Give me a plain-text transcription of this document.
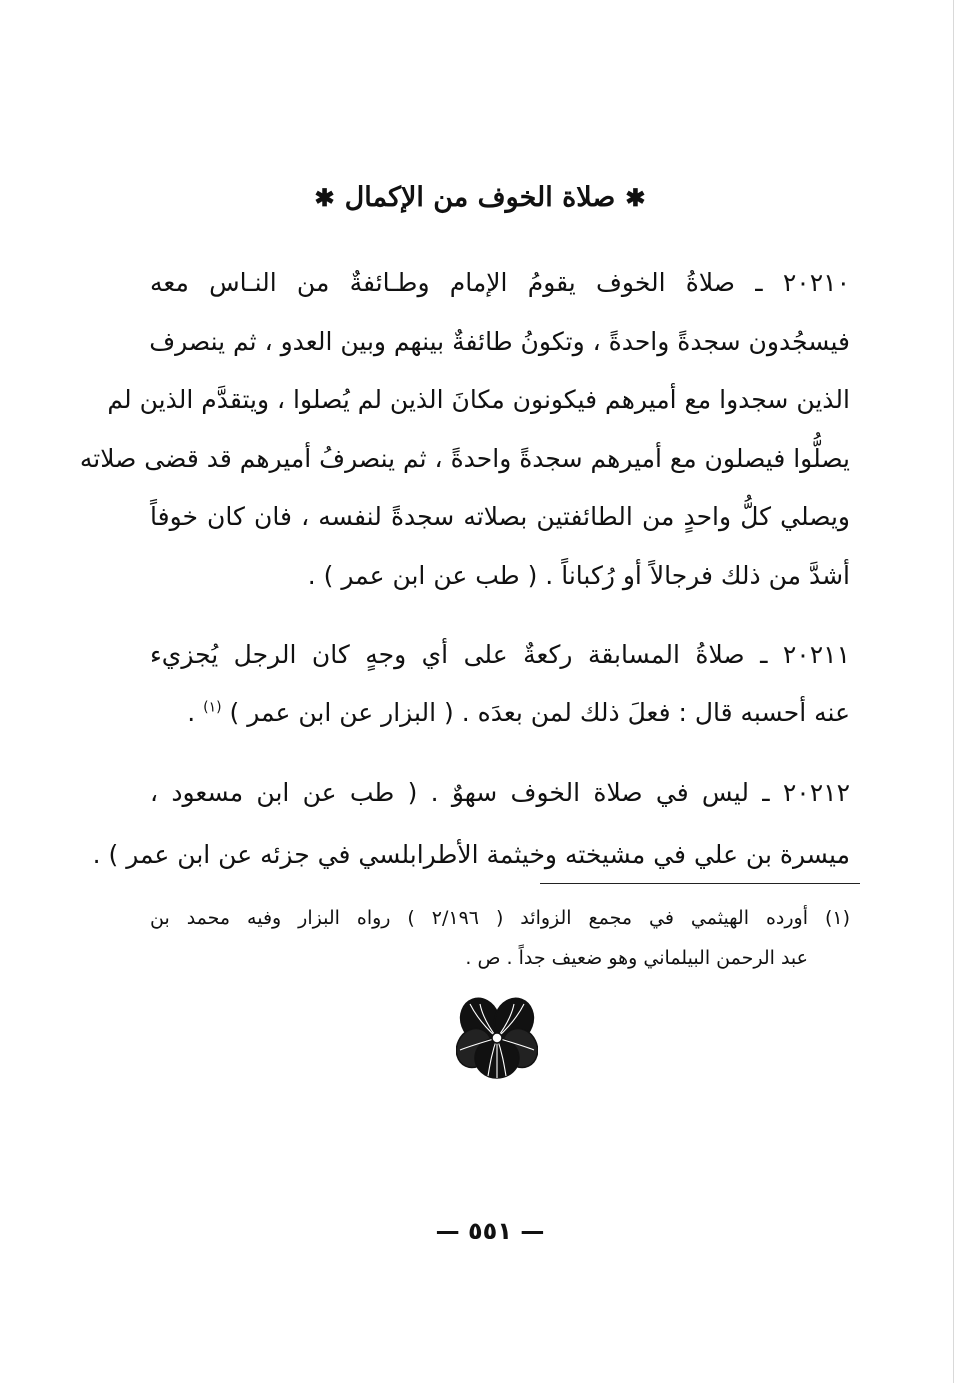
✱صلاة الخوف من الإكمال✱
٢٠٢١٠ ـ صلاةُ الخوف يقومُ الإمام وطـائفةٌ من النـاس معه
فيسجُدون سجدةً واحدةً ، وتكونُ طائفةٌ بينهم وبين العدو ، ثم ينصرف
الذين سجدوا مع أميرهم فيكونون مكانَ الذين لم يُصلوا ، ويتقدَّم الذين لم
يصلُّوا فيصلون مع أميرهم سجدةً واحدةً ، ثم ينصرفُ أميرهم قد قضى صلاته
ويصلي كلُّ واحدٍ من الطائفتين بصلاته سجدةً لنفسه ، فان كان خوفاً
أشدَّ من ذلك فرجالاً أو رُكباناً . ( طب عن ابن عمر ) .
٢٠٢١١ ـ صلاةُ المسابقة ركعةٌ على أي وجهٍ كان الرجل يُجزيء
عنه أحسبه قال : فعلَ ذلك لمن بعدَه . ( البزار عن ابن عمر ) $^{(١)}$ .
٢٠٢١٢ ـ ليس في صلاة الخوف سهوٌ . ( طب عن ابن مسعود ،
ميسرة بن علي في مشيخته وخيثمة الأطرابلسي في جزئه عن ابن عمر ) .
(١) أورده الهيثمي في مجمع الزوائد ( ٢/١٩٦ ) رواه البزار وفيه محمد بن
عبد الرحمن البيلماني وهو ضعيف جداً . ص .
— ٥٥١ —
